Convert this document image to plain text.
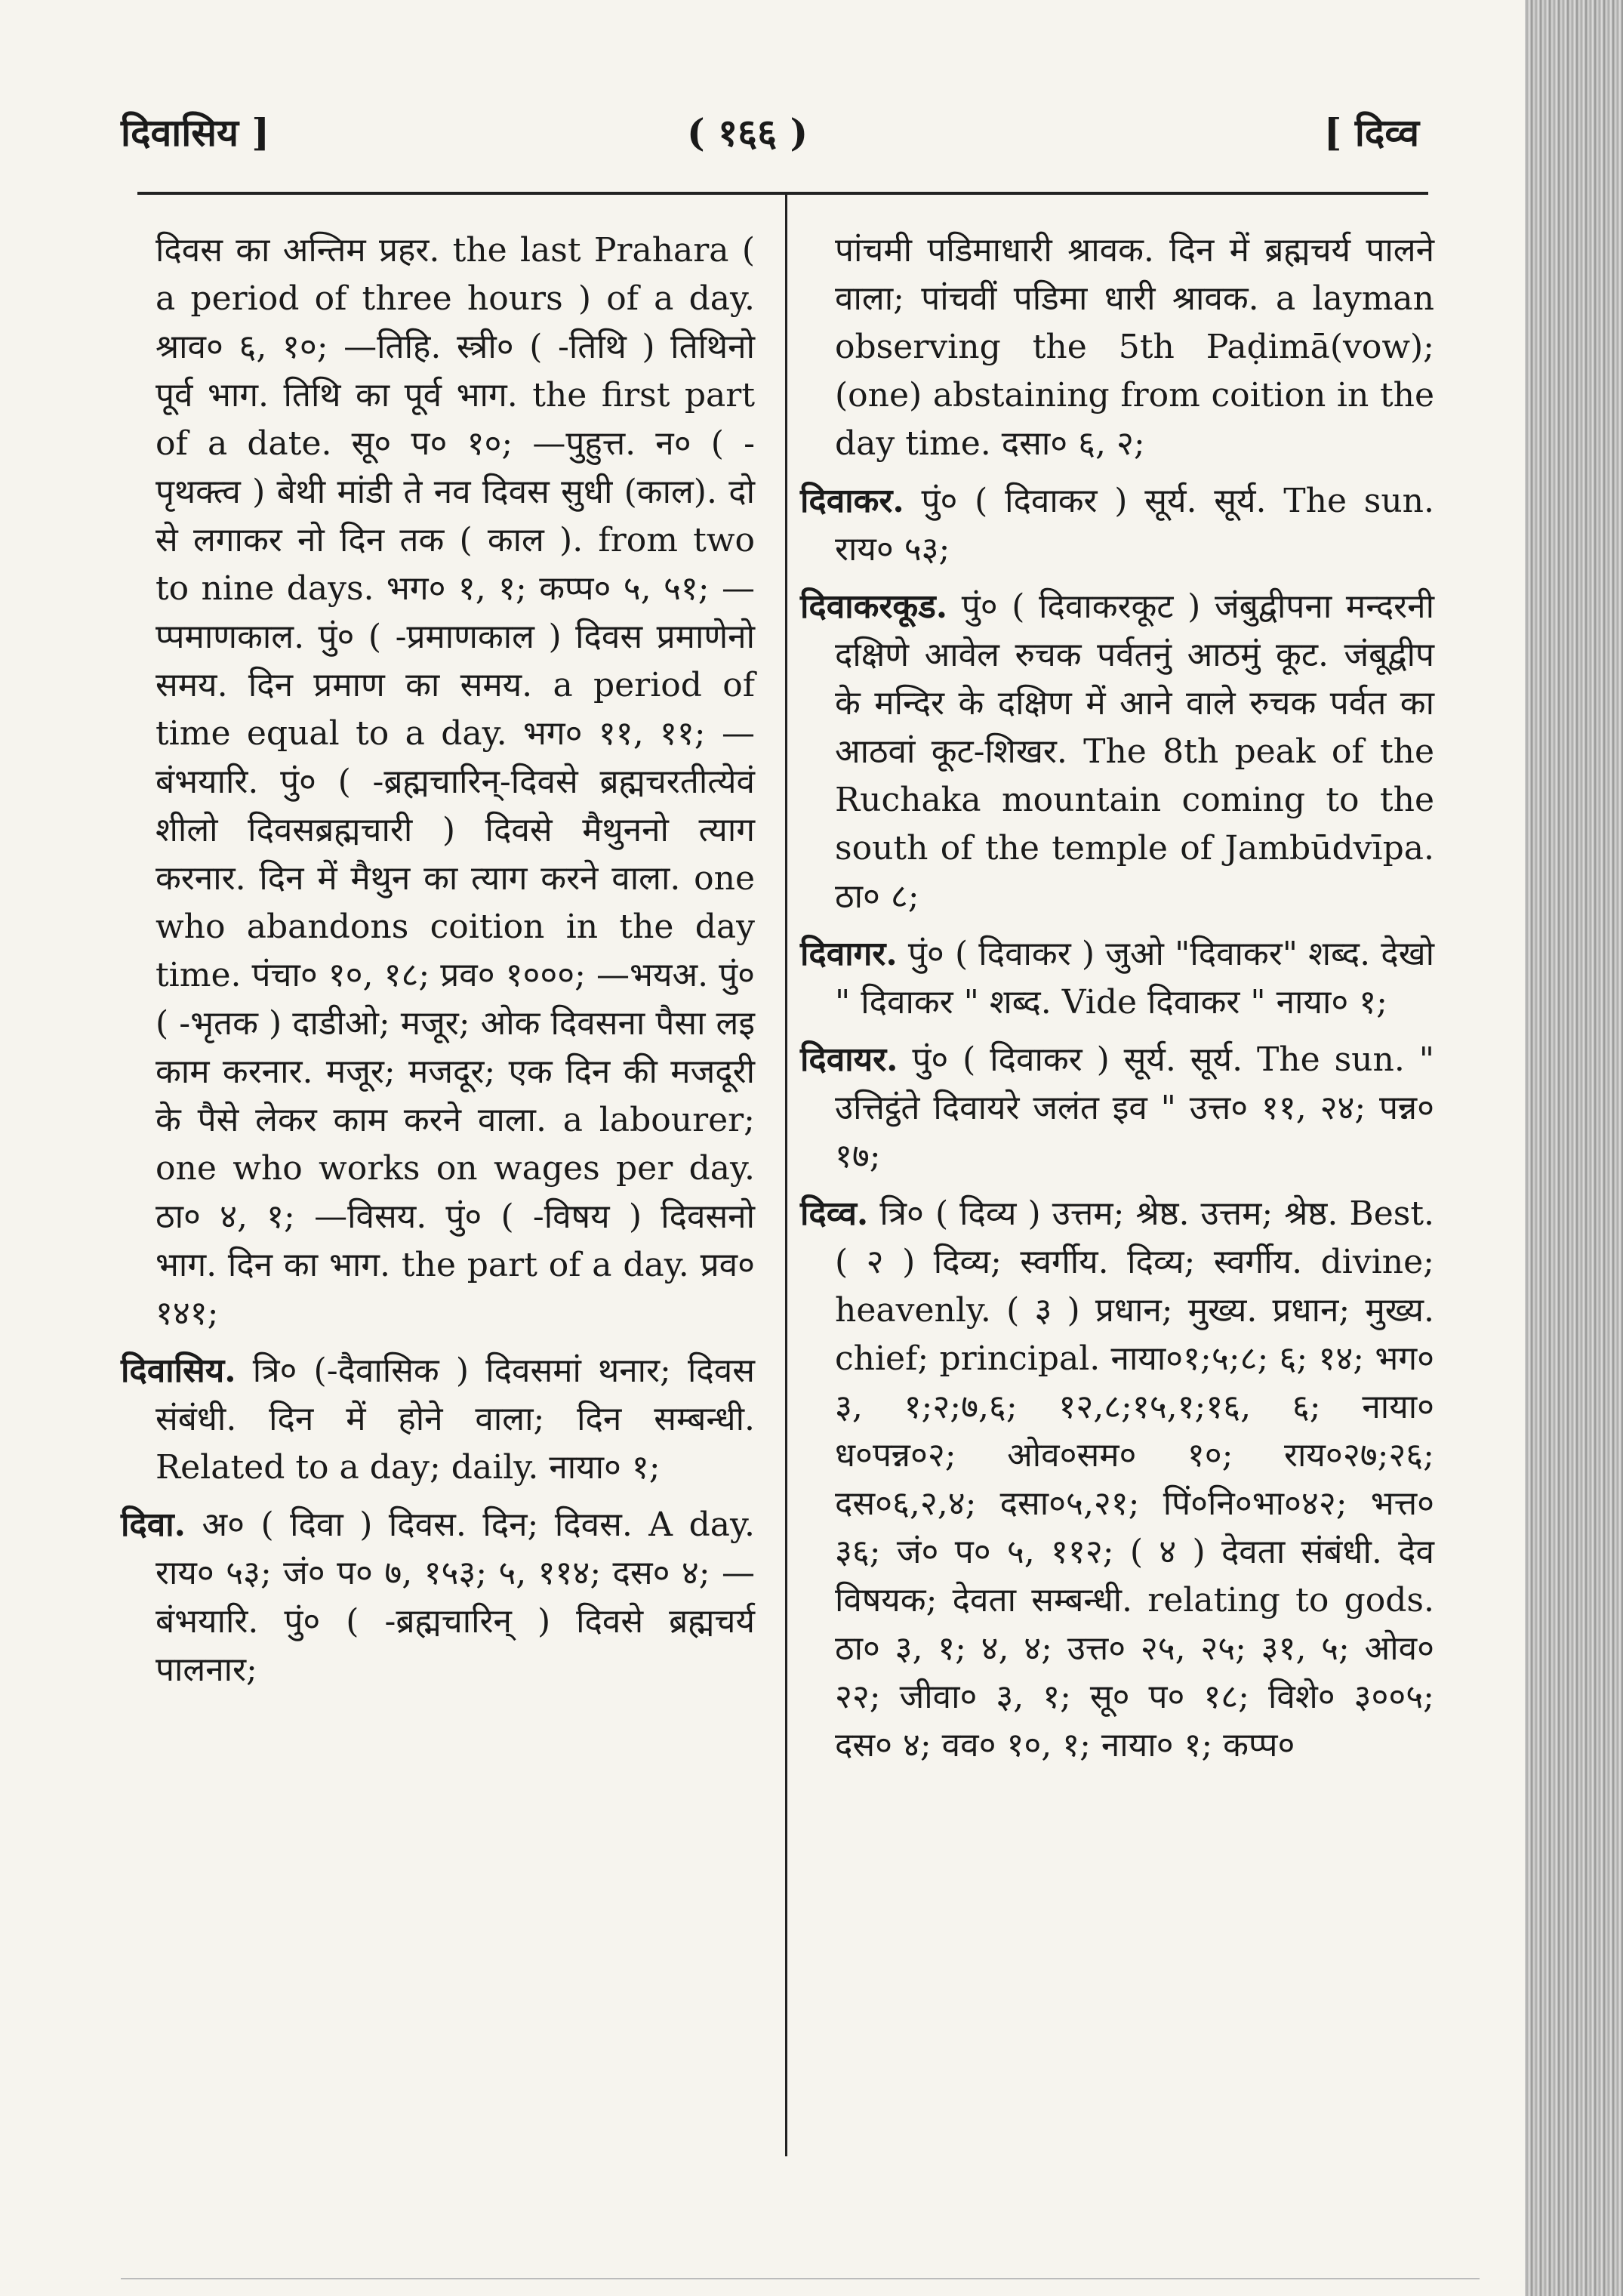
दिवासिय ]	( १६६ )	[ दिव्व

दिवस का अन्तिम प्रहर. the last Prahara ( a period of three hours ) of a day. श्राव० ६, १०; —तिहि. स्त्री० ( -तिथि ) तिथिनो पूर्व भाग. तिथि का पूर्व भाग. the first part of a date. सू० प० १०; —पुहुत्त. न० ( -पृथक्त्व ) बेथी मांडी ते नव दिवस सुधी (काल). दो से लगाकर नो दिन तक ( काल ). from two to nine days. भग० १, १; कप्प० ५, ५१; —प्पमाणकाल. पुं० ( -प्रमाणकाल ) दिवस प्रमाणेनो समय. दिन प्रमाण का समय. a period of time equal to a day. भग० ११, ११; —बंभयारि. पुं० ( -ब्रह्मचारिन्-दिवसे ब्रह्मचरतीत्येवं शीलो दिवसब्रह्मचारी ) दिवसे मैथुननो त्याग करनार. दिन में मैथुन का त्याग करने वाला. one who abandons coition in the day time. पंचा० १०, १८; प्रव० १०००; —भयअ. पुं० ( -भृतक ) दाडीओ; मजूर; ओक दिवसना पैसा लइ काम करनार. मजूर; मजदूर; एक दिन की मजदूरी के पैसे लेकर काम करने वाला. a labourer; one who works on wages per day. ठा० ४, १; —विसय. पुं० ( -विषय ) दिवसनो भाग. दिन का भाग. the part of a day. प्रव० १४१;

दिवासिय. त्रि० (-दैवासिक ) दिवसमां थनार; दिवस संबंधी. दिन में होने वाला; दिन सम्बन्धी. Related to a day; daily. नाया० १;

दिवा. अ० ( दिवा ) दिवस. दिन; दिवस. A day. राय० ५३; जं० प० ७, १५३; ५, ११४; दस० ४; —बंभयारि. पुं० ( -ब्रह्मचारिन् ) दिवसे ब्रह्मचर्य पालनार;

पांचमी पडिमाधारी श्रावक. दिन में ब्रह्मचर्य पालने वाला; पांचवीं पडिमा धारी श्रावक. a layman observing the 5th Paḍimā(vow); (one) abstaining from coition in the day time. दसा० ६, २;

दिवाकर. पुं० ( दिवाकर ) सूर्य. सूर्य. The sun. राय० ५३;

दिवाकरकूड. पुं० ( दिवाकरकूट ) जंबुद्वीपना मन्दरनी दक्षिणे आवेल रुचक पर्वतनुं आठमुं कूट. जंबूद्वीप के मन्दिर के दक्षिण में आने वाले रुचक पर्वत का आठवां कूट-शिखर. The 8th peak of the Ruchaka mountain coming to the south of the temple of Jambūdvīpa. ठा० ८;

दिवागर. पुं० ( दिवाकर ) जुओ "दिवाकर" शब्द. देखो " दिवाकर " शब्द. Vide दिवाकर " नाया० १;

दिवायर. पुं० ( दिवाकर ) सूर्य. सूर्य. The sun. " उत्तिट्ठंते दिवायरे जलंत इव " उत्त० ११, २४; पन्न० १७;

दिव्व. त्रि० ( दिव्य ) उत्तम; श्रेष्ठ. उत्तम; श्रेष्ठ. Best. ( २ ) दिव्य; स्वर्गीय. दिव्य; स्वर्गीय. divine; heavenly. ( ३ ) प्रधान; मुख्य. प्रधान; मुख्य. chief; principal. नाया०१;५;८; ६; १४; भग० ३, १;२;७,६; १२,८;१५,१;१६, ६; नाया० ध०पन्न०२; ओव०सम० १०; राय०२७;२६; दस०६,२,४; दसा०५,२१; पिं०नि०भा०४२; भत्त० ३६; जं० प० ५, ११२; ( ४ ) देवता संबंधी. देव विषयक; देवता सम्बन्धी. relating to gods. ठा० ३, १; ४, ४; उत्त० २५, २५; ३१, ५; ओव० २२; जीवा० ३, १; सू० प० १८; विशे० ३००५; दस० ४; वव० १०, १; नाया० १; कप्प०
